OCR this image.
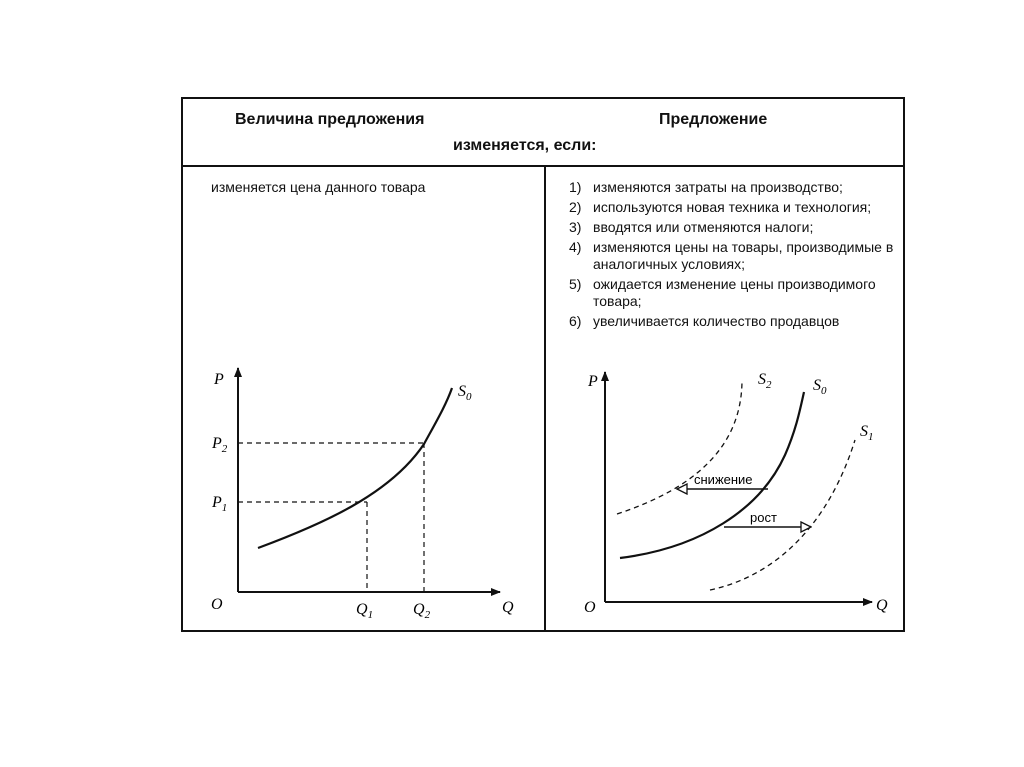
Величина предложения	Предложение
изменяется, если:
изменяется цена данного товара	1) изменяются затраты на производство;
2) используются новая техника и технология;
3) вводятся или отменяются налоги;
4) изменяются цены на товары, производимые в аналогичных условиях;
5) ожидается изменение цены производимого товара;
6) увеличивается количество продавцов
O
P
Q
$S_0$
$P_2$
$P_1$
$Q_1$ $Q_2$
снижение
рост
O
P
Q
$S_2$	$S_0$
$S_1$
